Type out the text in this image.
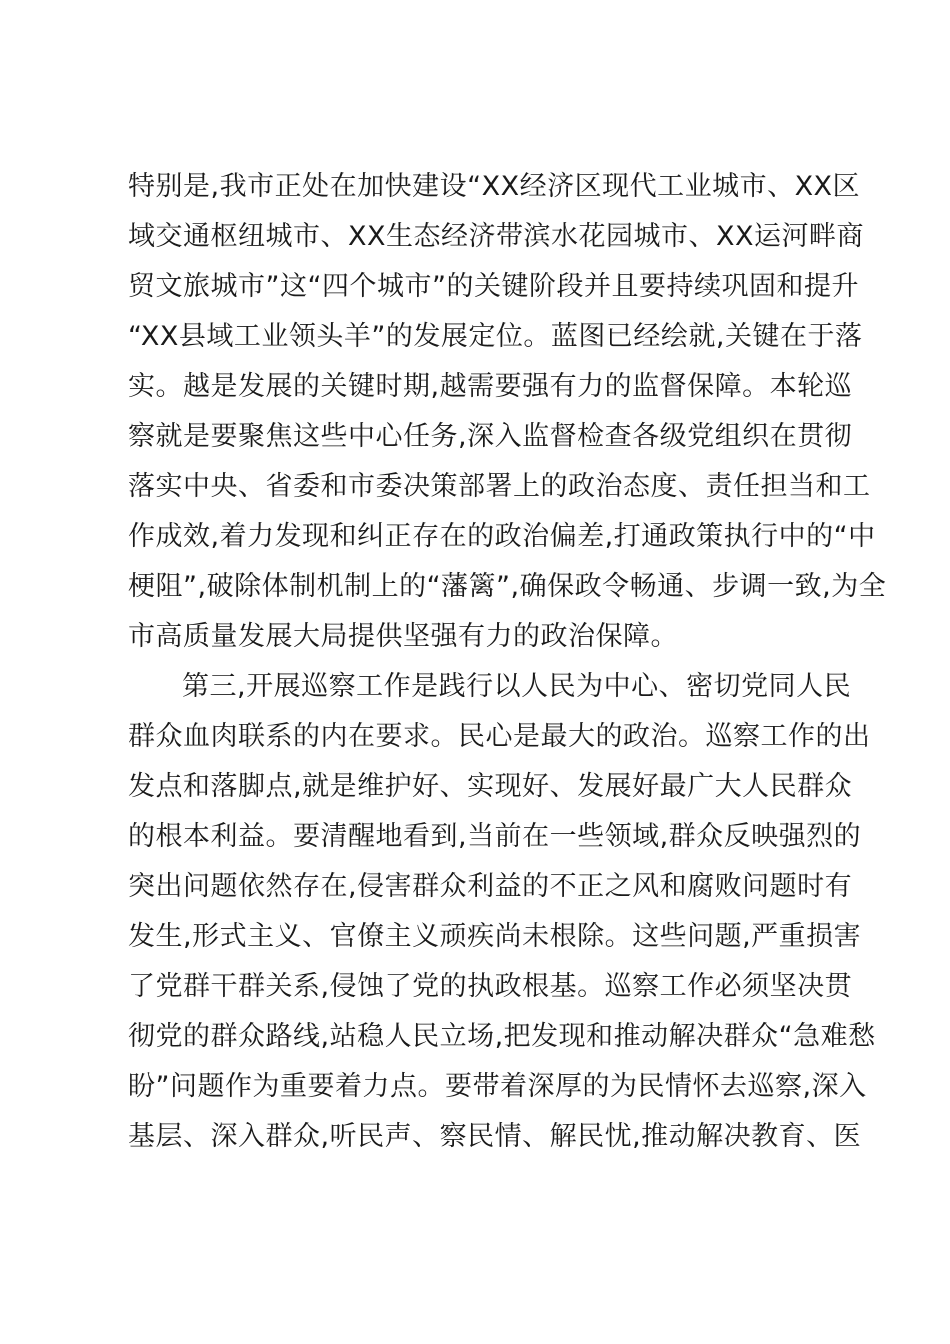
特别是,我市正处在加快建设“XX经济区现代工业城市、XX区
域交通枢纽城市、XX生态经济带滨水花园城市、XX运河畔商
贸文旅城市”这“四个城市”的关键阶段并且要持续巩固和提升
“XX县域工业领头羊”的发展定位。蓝图已经绘就,关键在于落
实。越是发展的关键时期,越需要强有力的监督保障。本轮巡
察就是要聚焦这些中心任务,深入监督检查各级党组织在贯彻
落实中央、省委和市委决策部署上的政治态度、责任担当和工
作成效,着力发现和纠正存在的政治偏差,打通政策执行中的“中
梗阻”,破除体制机制上的“藩篱”,确保政令畅通、步调一致,为全
市高质量发展大局提供坚强有力的政治保障。

第三,开展巡察工作是践行以人民为中心、密切党同人民
群众血肉联系的内在要求。民心是最大的政治。巡察工作的出
发点和落脚点,就是维护好、实现好、发展好最广大人民群众
的根本利益。要清醒地看到,当前在一些领域,群众反映强烈的
突出问题依然存在,侵害群众利益的不正之风和腐败问题时有
发生,形式主义、官僚主义顽疾尚未根除。这些问题,严重损害
了党群干群关系,侵蚀了党的执政根基。巡察工作必须坚决贯
彻党的群众路线,站稳人民立场,把发现和推动解决群众“急难愁
盼”问题作为重要着力点。要带着深厚的为民情怀去巡察,深入
基层、深入群众,听民声、察民情、解民忧,推动解决教育、医
